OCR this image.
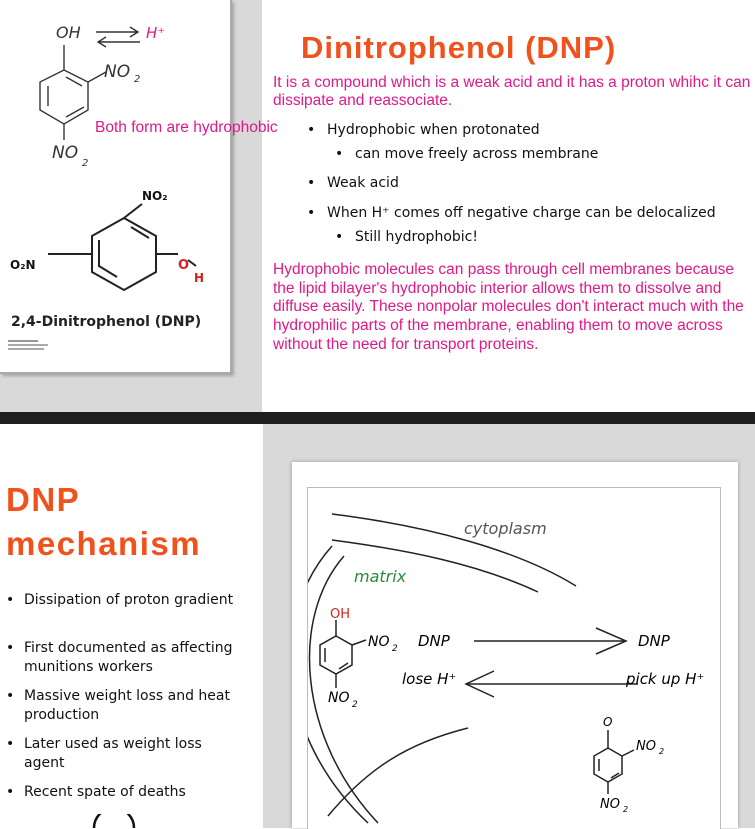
OH	H⁺
NO 2
NO
2
NO₂
O₂N	O
H
2,4-Dinitrophenol (DNP)
Dinitrophenol (DNP)
It is a compound which is a weak acid and it has a proton whihc it can dissipate and reassociate.
Both form are hydrophobic
•	Hydrophobic when protonated
• can move freely across membrane
• Weak acid
• When H⁺ comes off negative charge can be delocalized
• Still hydrophobic!
Hydrophobic molecules can pass through cell membranes because the lipid bilayer's hydrophobic interior allows them to dissolve and diffuse easily. These nonpolar molecules don't interact much with the hydrophilic parts of the membrane, enabling them to move across without the need for transport proteins.
DNP
mechanism
• Dissipation of proton gradient
• First documented as affecting munitions workers
• Massive weight loss and heat production
• Later used as weight loss agent
• Recent spate of deaths
cytoplasm
matrix
OH
NO 2
NO 2
DNP
lose H⁺
DNP
pick up H⁺
O
NO 2
NO 2
